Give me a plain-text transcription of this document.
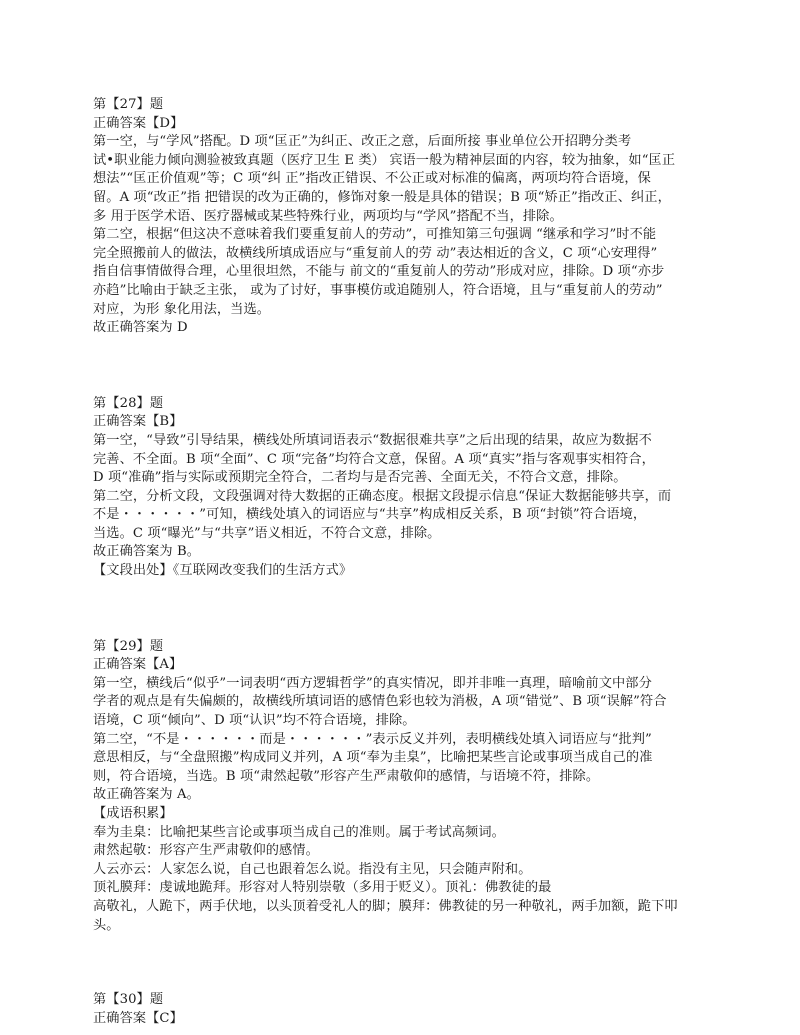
第【27】题
正确答案【D】
第一空，与“学风”搭配。D 项“匡正”为纠正、改正之意，后面所接 事业单位公开招聘分类考
试•职业能力倾向测验被致真题（医疗卫生 E 类） 宾语一般为精神层面的内容，较为抽象，如“匡正
想法”“匡正价值观”等；C 项“纠 正”指改正错误、不公正或对标准的偏离，两项均符合语境，保
留。A 项“改正”指 把错误的改为正确的，修饰对象一般是具体的错误；B 项“矫正”指改正、纠正，
多 用于医学术语、医疗器械或某些特殊行业，两项均与“学风”搭配不当，排除。
第二空，根据“但这决不意味着我们要重复前人的劳动”，可推知第三句强调 “继承和学习”时不能
完全照搬前人的做法，故横线所填成语应与“重复前人的劳 动”表达相近的含义，C 项“心安理得”
指自信事情做得合理，心里很坦然，不能与 前文的“重复前人的劳动”形成对应，排除。D 项“亦步
亦趋”比喻由于缺乏主张， 或为了讨好，事事模仿或追随别人，符合语境，且与“重复前人的劳动”
对应，为形 象化用法，当选。
故正确答案为 D
第【28】题
正确答案【B】
第一空，“导致”引导结果，横线处所填词语表示“数据很难共享”之后出现的结果，故应为数据不
完善、不全面。B 项“全面”、C 项“完备”均符合文意，保留。A 项“真实”指与客观事实相符合，
D 项“准确”指与实际或预期完全符合，二者均与是否完善、全面无关，不符合文意，排除。
第二空，分析文段，文段强调对待大数据的正确态度。根据文段提示信息“保证大数据能够共享，而
不是・・・・・・”可知，横线处填入的词语应与“共享”构成相反关系，B 项“封锁”符合语境，
当选。C 项“曝光”与“共享”语义相近，不符合文意，排除。
故正确答案为 B。
【文段出处】《互联网改变我们的生活方式》
第【29】题
正确答案【A】
第一空，横线后“似乎”一词表明“西方逻辑哲学”的真实情况，即并非唯一真理，暗喻前文中部分
学者的观点是有失偏颇的，故横线所填词语的感情色彩也较为消极，A 项“错觉”、B 项“误解”符合
语境，C 项“倾向”、D 项“认识”均不符合语境，排除。
第二空，“不是・・・・・・而是・・・・・・”表示反义并列，表明横线处填入词语应与“批判”
意思相反，与“全盘照搬”构成同义并列，A 项“奉为圭臬”，比喻把某些言论或事项当成自己的准
则，符合语境，当选。B 项“肃然起敬”形容产生严肃敬仰的感情，与语境不符，排除。
故正确答案为 A。
【成语积累】
奉为圭臬：比喻把某些言论或事项当成自己的准则。属于考试高频词。
肃然起敬：形容产生严肃敬仰的感情。
人云亦云：人家怎么说，自己也跟着怎么说。指没有主见，只会随声附和。
顶礼膜拜：虔诚地跪拜。形容对人特别崇敬（多用于贬义）。顶礼：佛教徒的最
高敬礼，人跪下，两手伏地，以头顶着受礼人的脚；膜拜：佛教徒的另一种敬礼，两手加额，跪下叩
头。
第【30】题
正确答案【C】
